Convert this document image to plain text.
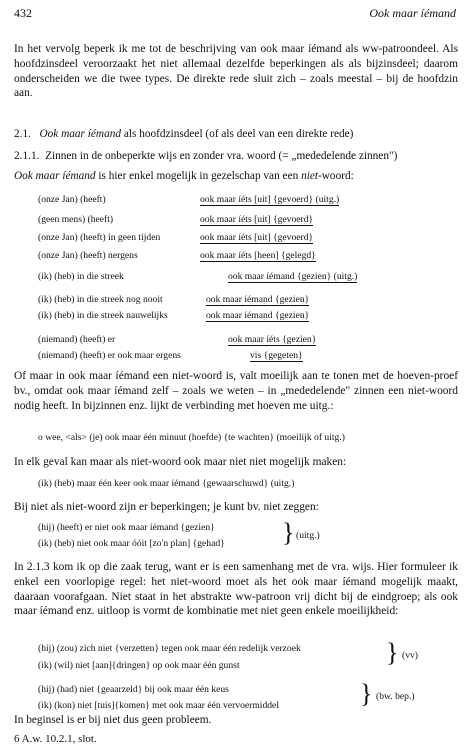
432	Ook maar íémand
In het vervolg beperk ik me tot de beschrijving van ook maar íémand als ww-patroondeel. Als hoofdzinsdeel veroorzaakt het niet allemaal dezelfde beperkingen als als bijzinsdeel; daarom onderscheiden we die twee types. De direkte rede sluit zich – zoals meestal – bij de hoofdzin aan.
2.1. Ook maar íémand als hoofdzinsdeel (of als deel van een direkte rede)
2.1.1. Zinnen in de onbeperkte wijs en zonder vra. woord (= „mededelende zinnen")
Ook maar íémand is hier enkel mogelijk in gezelschap van een niet-woord:
(onze Jan) (heeft)	ook maar íéts [uit] {gevoerd} (uitg.)
(geen mens) (heeft)	ook maar íéts [uit] {gevoerd}
(onze Jan) (heeft) in geen tijden	ook maar íéts [uit] {gevoerd}
(onze Jan) (heeft) nergens	ook maar íéts [heen] {gelegd}
(ik) (heb) in die streek	ook maar íémand {gezien} (uitg.)
(ik) (heb) in die streek nog nooit	ook maar íémand {gezien}
(ik) (heb) in die streek nauwelijks	ook maar íémand {gezien}
(niemand) (heeft) er	ook maar íéts {gezien}
(niemand) (heeft) er ook maar ergens	vis {gegeten}
Of maar in ook maar íémand een niet-woord is, valt moeilijk aan te tonen met de hoeven-proef bv., omdat ook maar íémand zelf – zoals we weten – in „mededelende" zinnen een niet-woord nodig heeft. In bijzinnen enz. lijkt de verbinding met hoeven me uitg.:
o wee, <als> (je) ook maar één minuut (hoefde) {te wachten} (moeilijk of uitg.)
In elk geval kan maar als niet-woord ook maar niet niet mogelijk maken:
(ik) (heb) maar één keer ook maar íémand {gewaarschuwd} (uitg.)
Bij niet als niet-woord zijn er beperkingen; je kunt bv. niet zeggen:
(hij) (heeft) er niet ook maar íémand {gezien}
(ik) (heb) niet ook maar óóit [zo'n plan] {gehad} } (uitg.)
In 2.1.3 kom ik op die zaak terug, want er is een samenhang met de vra. wijs. Hier formuleer ik enkel een voorlopige regel: het niet-woord moet als het ook maar íémand mogelijk maakt, daaraan voorafgaan. Niet staat in het abstrakte ww-patroon vrij dicht bij de eindgroep; als ook maar íémand enz. uitloop is vormt de kombinatie met niet geen enkele moeilijkheid:
(hij) (zou) zich niet {verzetten} tegen ook maar één redelijk verzoek
(ik) (wil) niet [aan]{dringen} op ook maar één gunst	} (vv)
(hij) (had) niet {geaarzeld} bij ook maar één keus
(ik) (kon) niet [tuis]{komen} met ook maar één vervoermiddel	} (bw. bep.)
In beginsel is er bij niet dus geen probleem.
6 A.w. 10.2.1, slot.
